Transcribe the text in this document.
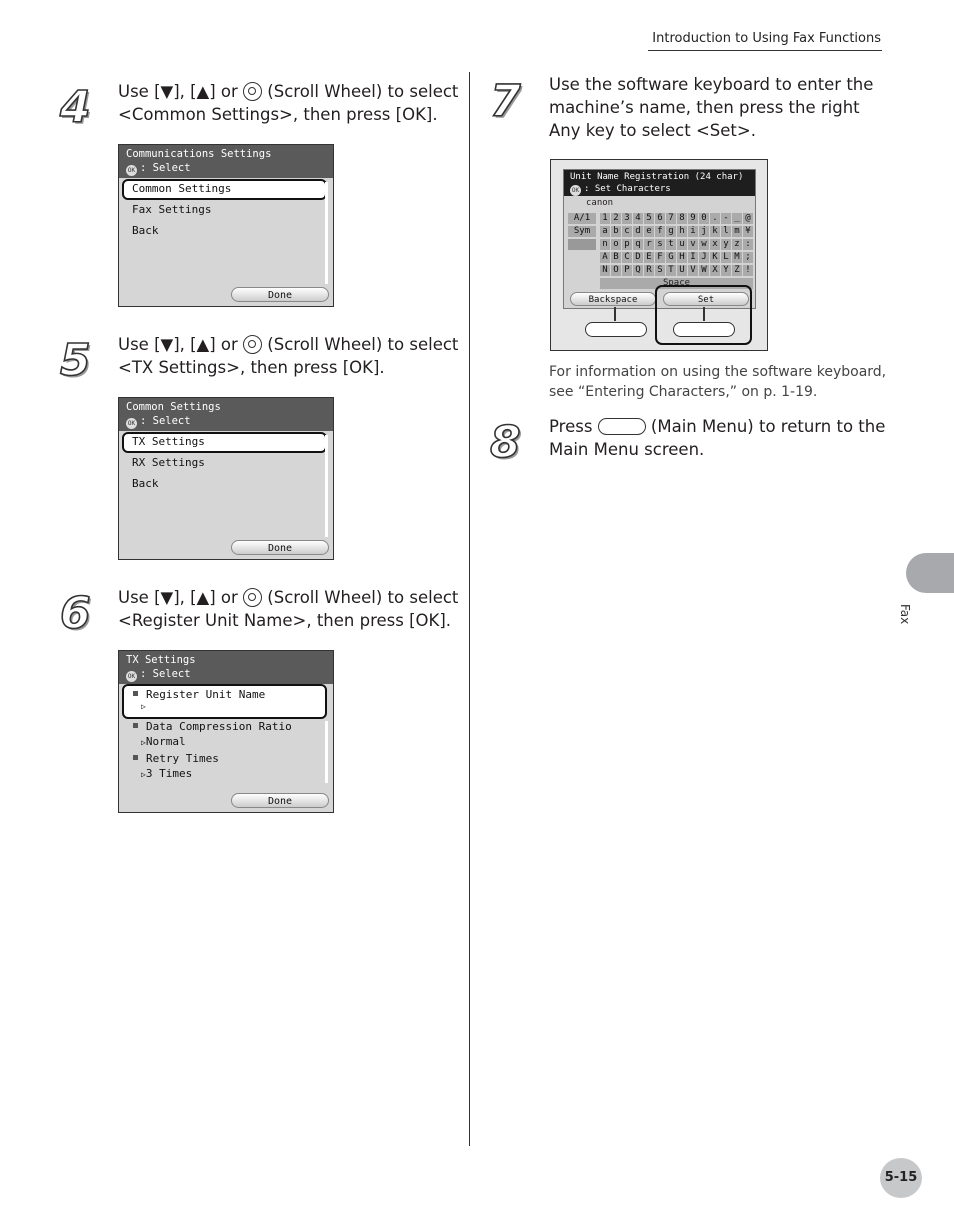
Introduction to Using Fax Functions
4 Use [▼], [▲] or  (Scroll Wheel) to select <Common Settings>, then press [OK].
Communications Settings
OK : Select
Common Settings
Fax Settings
Back
Done
5 Use [▼], [▲] or  (Scroll Wheel) to select <TX Settings>, then press [OK].
Common Settings
OK : Select
TX Settings
RX Settings
Back
Done
6 Use [▼], [▲] or  (Scroll Wheel) to select <Register Unit Name>, then press [OK].
TX Settings
OK : Select
Register Unit Name
▷
Data Compression Ratio
▷Normal
Retry Times
▷3 Times
Done
7 Use the software keyboard to enter the machine’s name, then press the right Any key to select <Set>.
Unit Name Registration (24 char)
OK : Set Characters
canon
A/1
Sym
1 2 3 4 5 6 7 8 9 0 . - _ @
a b c d e f g h i j k l m ¥
n o p q r s t u v w x y z :
A B C D E F G H I J K L M ;
N O P Q R S T U V W X Y Z !
Space
Backspace	Set
For information on using the software keyboard, see “Entering Characters,” on p. 1-19.
8 Press	(Main Menu) to return to the Main Menu screen.
Fax
5-15
